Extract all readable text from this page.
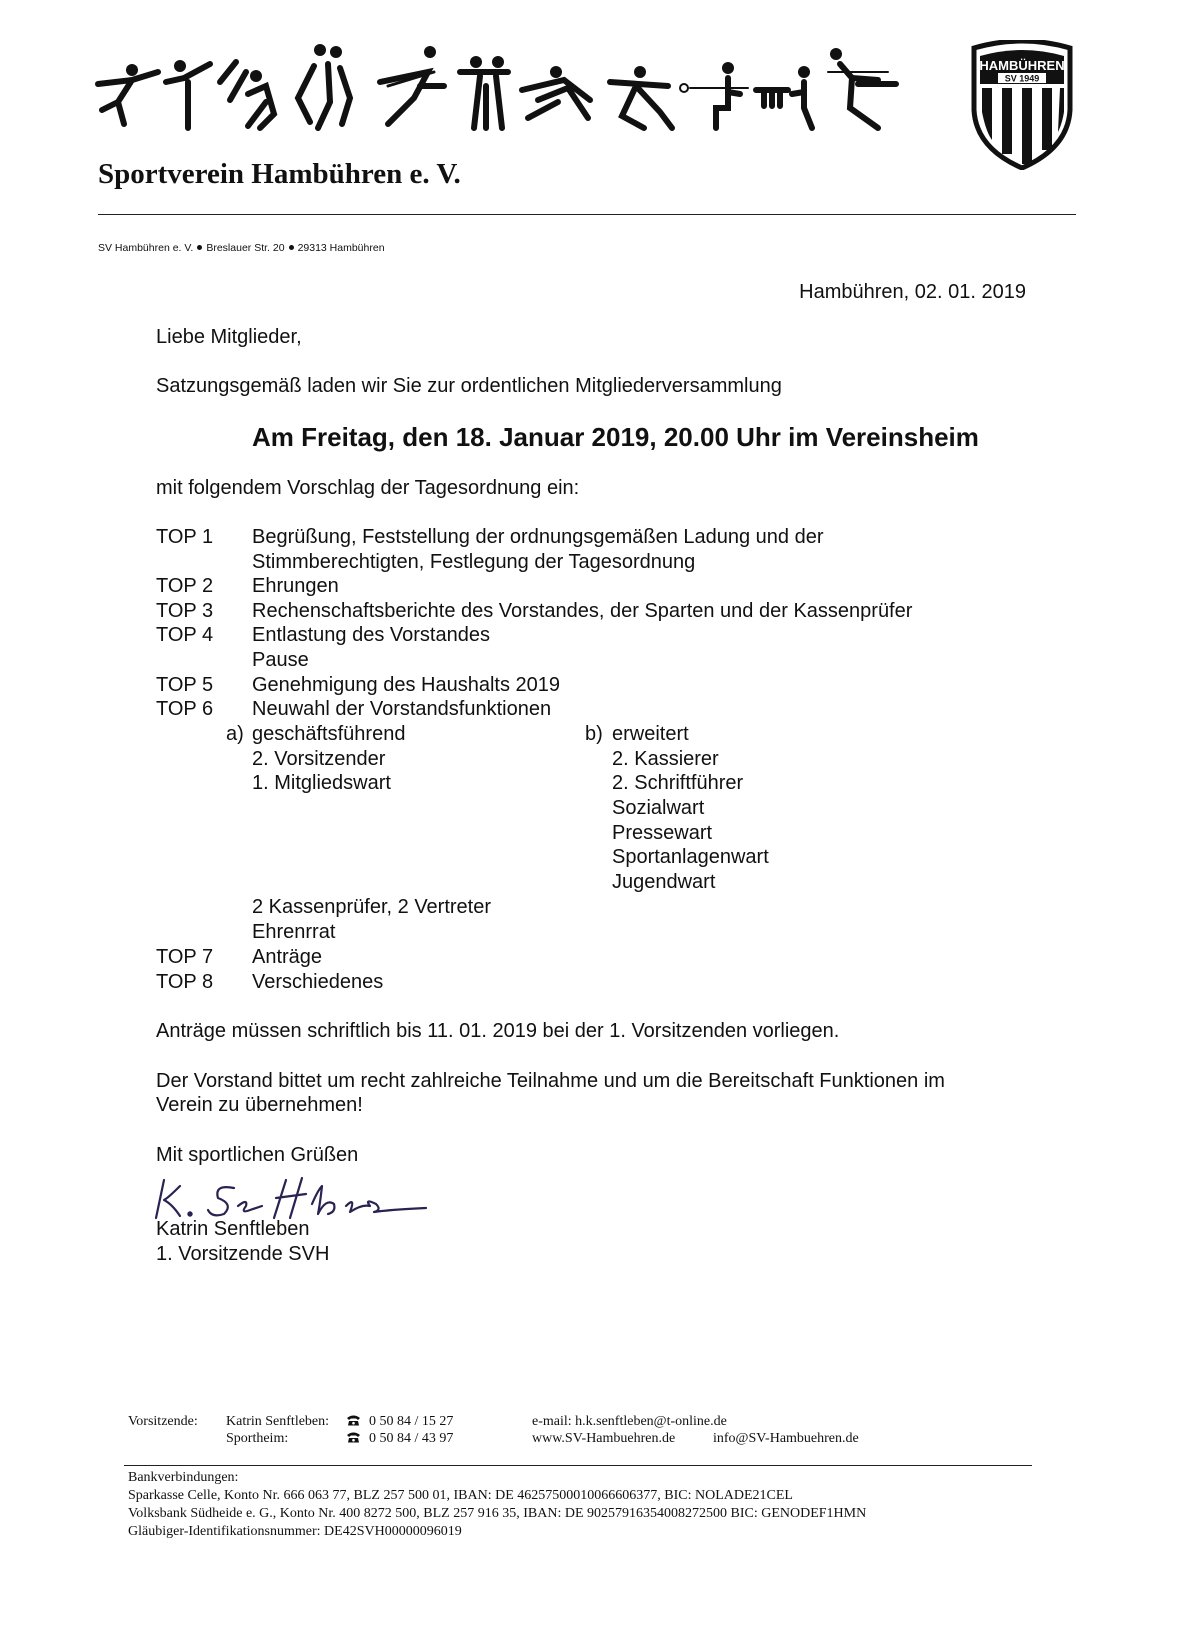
HAMBÜHREN
SV 1949
Sportverein Hambühren e. V.
SV Hambühren e. V. Breslauer Str. 20 29313 Hambühren
Hambühren, 02. 01. 2019
Liebe Mitglieder,
Satzungsgemäß laden wir Sie zur ordentlichen Mitgliederversammlung
Am Freitag, den 18. Januar 2019, 20.00 Uhr im Vereinsheim
mit folgendem Vorschlag der Tagesordnung ein:
TOP 1 Begrüßung, Feststellung der ordnungsgemäßen Ladung und der
Stimmberechtigten, Festlegung der Tagesordnung
TOP 2 Ehrungen
TOP 3 Rechenschaftsberichte des Vorstandes, der Sparten und der Kassenprüfer
TOP 4 Entlastung des Vorstandes
Pause
TOP 5 Genehmigung des Haushalts 2019
TOP 6 Neuwahl der Vorstandsfunktionen
a) geschäftsführend
2. Vorsitzender
1. Mitgliedswart
b) erweitert
2. Kassierer
2. Schriftführer
Sozialwart
Pressewart
Sportanlagenwart
Jugendwart
2 Kassenprüfer, 2 Vertreter
Ehrenrrat
TOP 7 Anträge
TOP 8 Verschiedenes
Anträge müssen schriftlich bis 11. 01. 2019 bei der 1. Vorsitzenden vorliegen.
Der Vorstand bittet um recht zahlreiche Teilnahme und um die Bereitschaft Funktionen im
Verein zu übernehmen!
Mit sportlichen Grüßen
Katrin Senftleben
1. Vorsitzende SVH
Vorsitzende: Katrin Senftleben:
Sportheim:
0 50 84 / 15 27
0 50 84 / 43 97
e-mail: h.k.senftleben@t-online.de
www.SV-Hambuehren.de	info@SV-Hambuehren.de
Bankverbindungen:
Sparkasse Celle, Konto Nr. 666 063 77, BLZ 257 500 01, IBAN: DE 46257500010066606377, BIC: NOLADE21CEL
Volksbank Südheide e. G., Konto Nr. 400 8272 500, BLZ 257 916 35, IBAN: DE 90257916354008272500 BIC: GENODEF1HMN
Gläubiger-Identifikationsnummer: DE42SVH00000096019
